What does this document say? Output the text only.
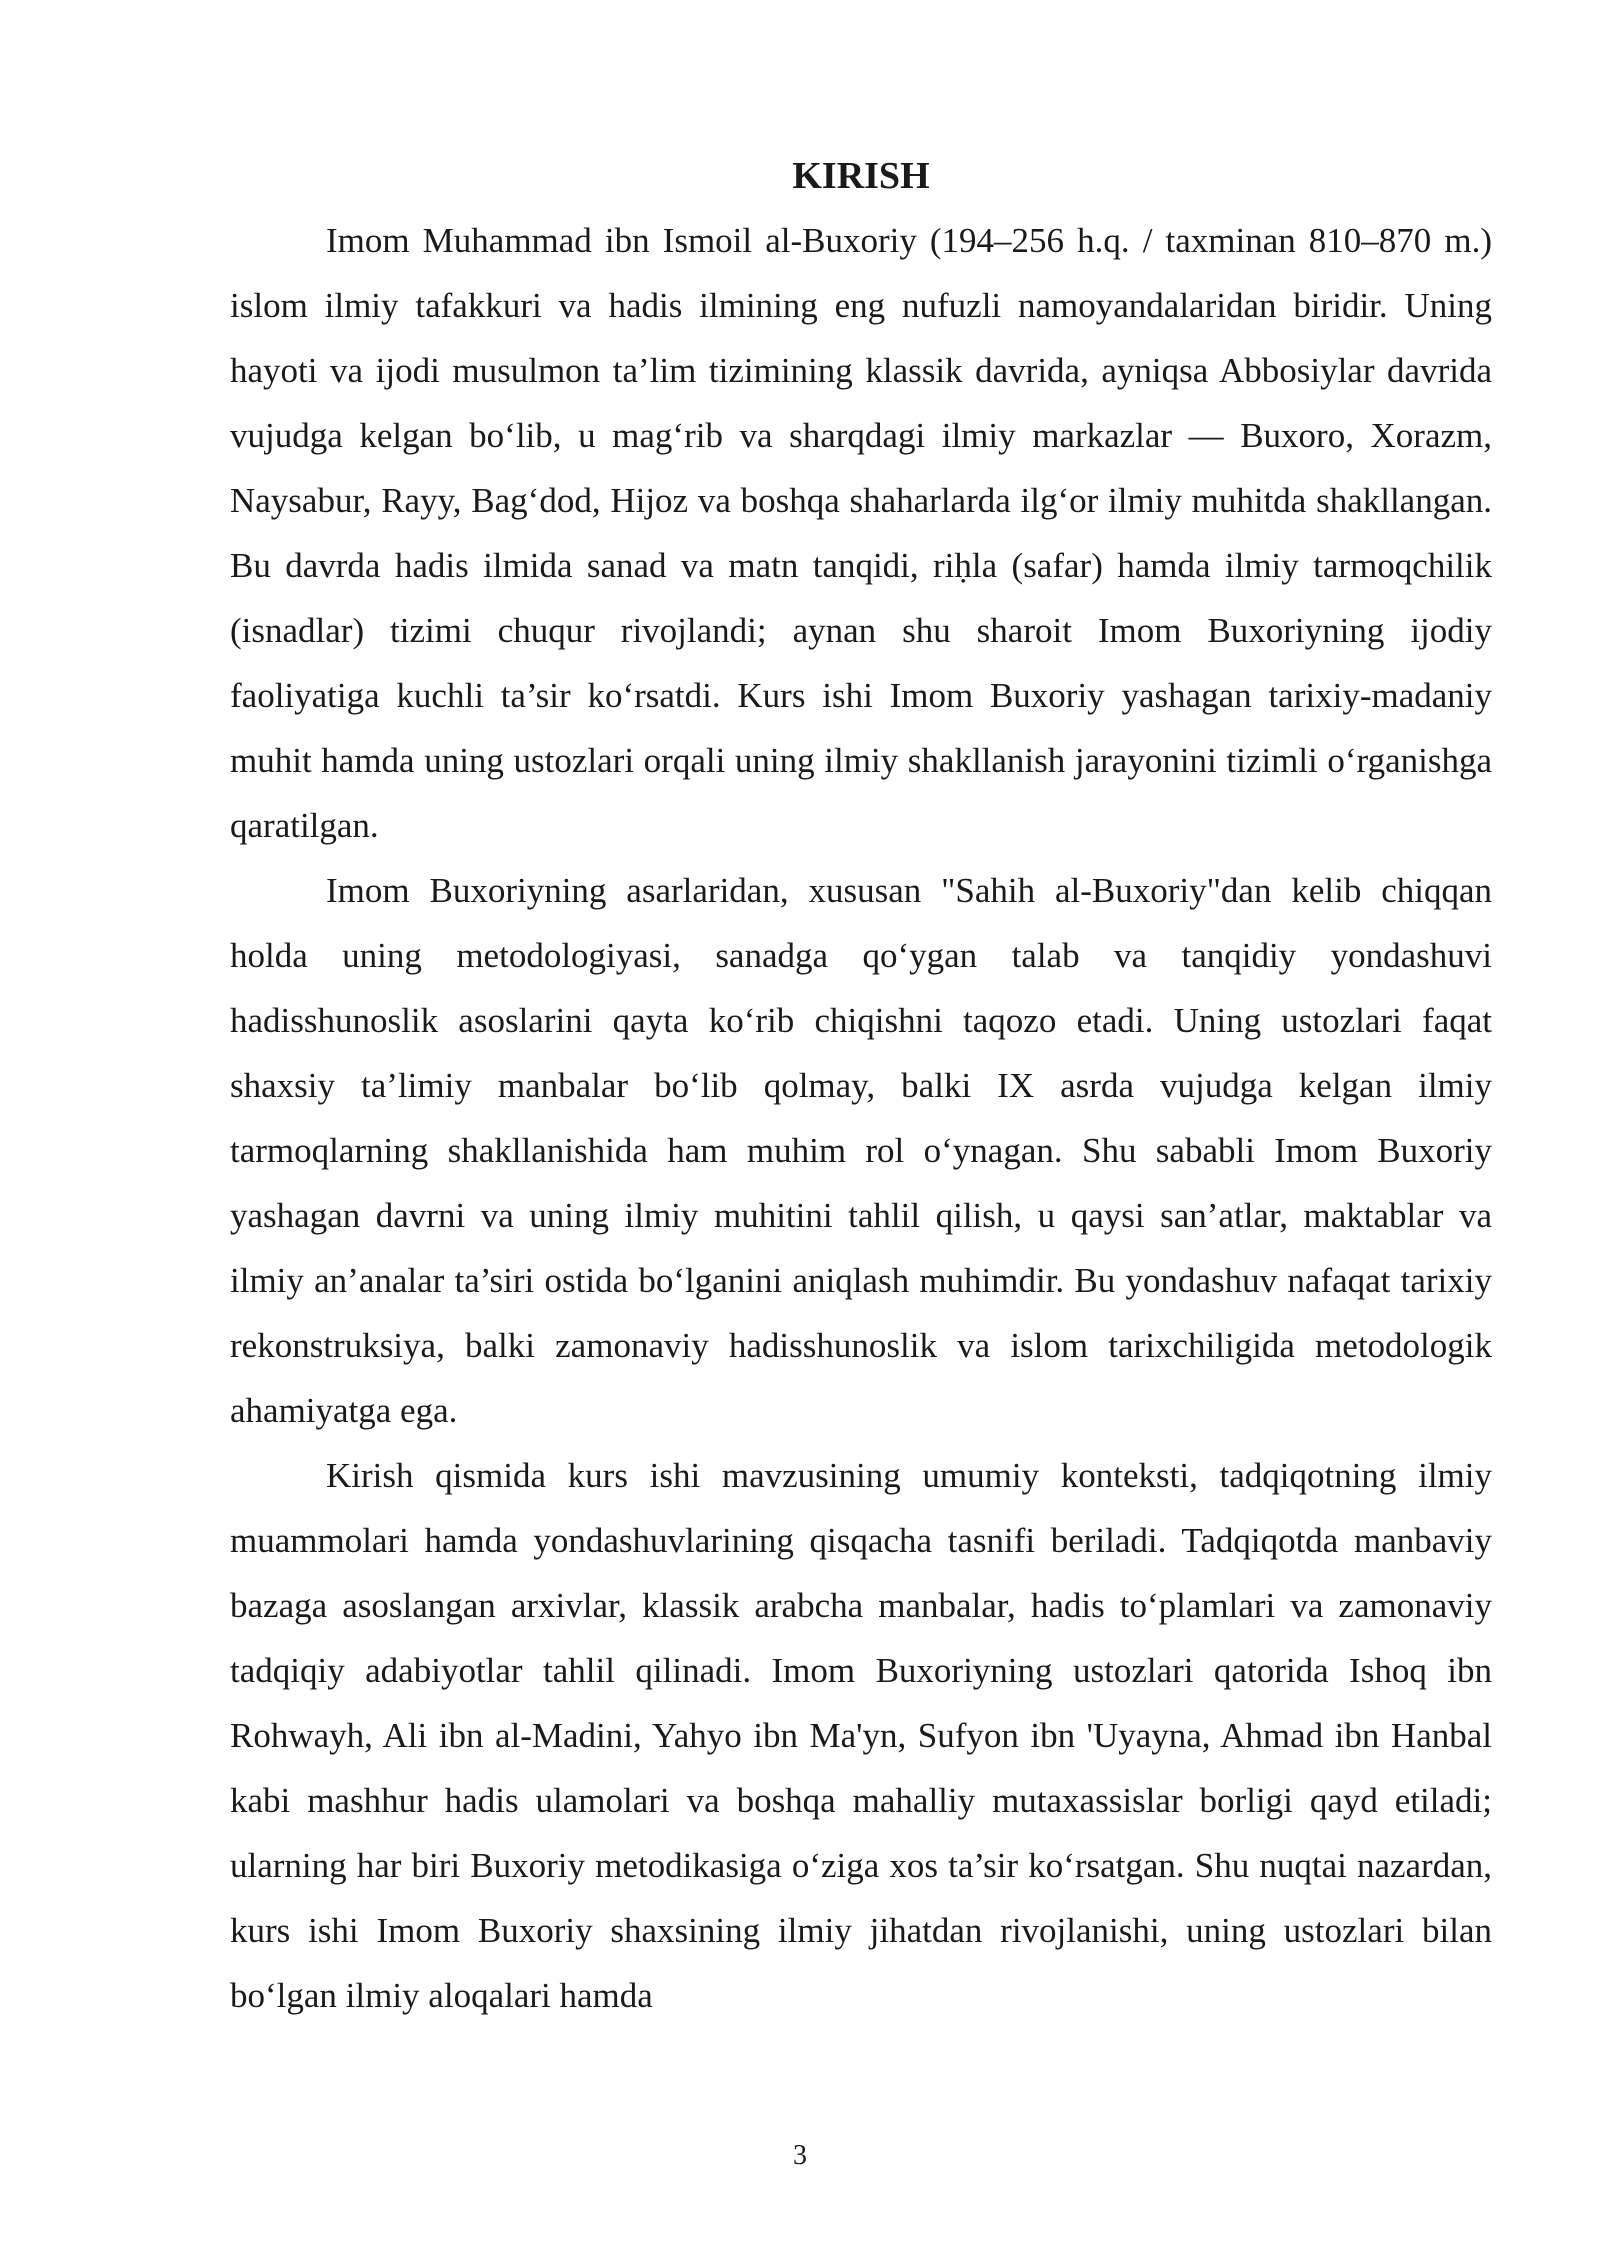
KIRISH

Imom Muhammad ibn Ismoil al-Buxoriy (194–256 h.q. / taxminan 810–870 m.) islom ilmiy tafakkuri va hadis ilmining eng nufuzli namoyandalaridan biridir. Uning hayoti va ijodi musulmon ta’lim tizimining klassik davrida, ayniqsa Abbosiylar davrida vujudga kelgan bo‘lib, u mag‘rib va sharqdagi ilmiy markazlar — Buxoro, Xorazm, Naysabur, Rayy, Bag‘dod, Hijoz va boshqa shaharlarda ilg‘or ilmiy muhitda shakllangan. Bu davrda hadis ilmida sanad va matn tanqidi, riḥla (safar) hamda ilmiy tarmoqchilik (isnadlar) tizimi chuqur rivojlandi; aynan shu sharoit Imom Buxoriyning ijodiy faoliyatiga kuchli ta’sir ko‘rsatdi. Kurs ishi Imom Buxoriy yashagan tarixiy-madaniy muhit hamda uning ustozlari orqali uning ilmiy shakllanish jarayonini tizimli o‘rganishga qaratilgan.

Imom Buxoriyning asarlaridan, xususan "Sahih al-Buxoriy"dan kelib chiqqan holda uning metodologiyasi, sanadga qo‘ygan talab va tanqidiy yondashuvi hadisshunoslik asoslarini qayta ko‘rib chiqishni taqozo etadi. Uning ustozlari faqat shaxsiy ta’limiy manbalar bo‘lib qolmay, balki IX asrda vujudga kelgan ilmiy tarmoqlarning shakllanishida ham muhim rol o‘ynagan. Shu sababli Imom Buxoriy yashagan davrni va uning ilmiy muhitini tahlil qilish, u qaysi san’atlar, maktablar va ilmiy an’analar ta’siri ostida bo‘lganini aniqlash muhimdir. Bu yondashuv nafaqat tarixiy rekonstruksiya, balki zamonaviy hadisshunoslik va islom tarixchiligida metodologik ahamiyatga ega.

Kirish qismida kurs ishi mavzusining umumiy konteksti, tadqiqotning ilmiy muammolari hamda yondashuvlarining qisqacha tasnifi beriladi. Tadqiqotda manbaviy bazaga asoslangan arxivlar, klassik arabcha manbalar, hadis to‘plamlari va zamonaviy tadqiqiy adabiyotlar tahlil qilinadi. Imom Buxoriyning ustozlari qatorida Ishoq ibn Rohwayh, Ali ibn al-Madini, Yahyo ibn Ma'yn, Sufyon ibn 'Uyayna, Ahmad ibn Hanbal kabi mashhur hadis ulamolari va boshqa mahalliy mutaxassislar borligi qayd etiladi; ularning har biri Buxoriy metodikasiga o‘ziga xos ta’sir ko‘rsatgan. Shu nuqtai nazardan, kurs ishi Imom Buxoriy shaxsining ilmiy jihatdan rivojlanishi, uning ustozlari bilan bo‘lgan ilmiy aloqalari hamda

3
